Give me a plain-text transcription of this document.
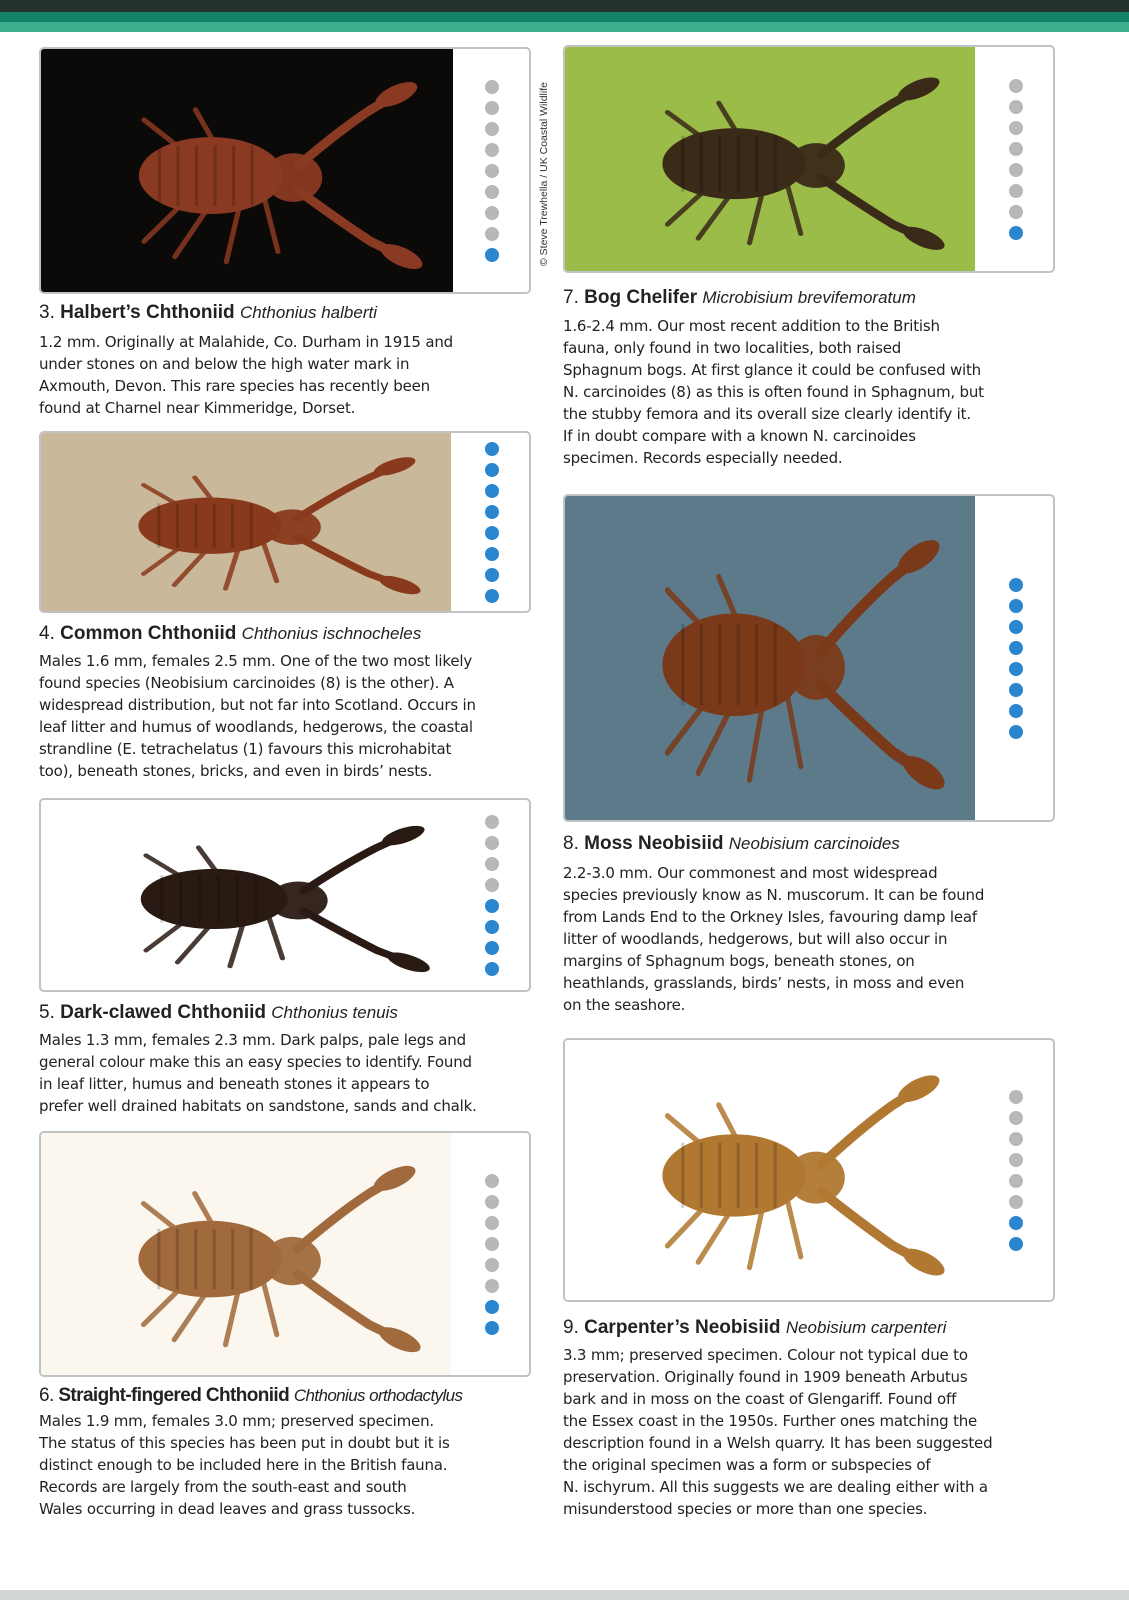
© Steve Trewhella / UK Coastal Wildlife
3. Halbert’s Chthoniid Chthonius halberti

1.2 mm. Originally at Malahide, Co. Durham in 1915 and

under stones on and below the high water mark in

Axmouth, Devon. This rare species has recently been

found at Charnel near Kimmeridge, Dorset.

4. Common Chthoniid Chthonius ischnocheles

Males 1.6 mm, females 2.5 mm. One of the two most likely

found species (Neobisium carcinoides (8) is the other). A

widespread distribution, but not far into Scotland. Occurs in

leaf litter and humus of woodlands, hedgerows, the coastal

strandline (E. tetrachelatus (1) favours this microhabitat

too), beneath stones, bricks, and even in birds’ nests.

5. Dark-clawed Chthoniid Chthonius tenuis

Males 1.3 mm, females 2.3 mm. Dark palps, pale legs and

general colour make this an easy species to identify. Found

in leaf litter, humus and beneath stones it appears to

prefer well drained habitats on sandstone, sands and chalk.

6. Straight-fingered Chthoniid Chthonius orthodactylus

Males 1.9 mm, females 3.0 mm; preserved specimen.

The status of this species has been put in doubt but it is

distinct enough to be included here in the British fauna.

Records are largely from the south-east and south

Wales occurring in dead leaves and grass tussocks.

7. Bog Chelifer Microbisium brevifemoratum

1.6-2.4 mm. Our most recent addition to the British

fauna, only found in two localities, both raised

Sphagnum bogs. At first glance it could be confused with

N. carcinoides (8) as this is often found in Sphagnum, but

the stubby femora and its overall size clearly identify it.

If in doubt compare with a known N. carcinoides

specimen. Records especially needed.

8. Moss Neobisiid Neobisium carcinoides

2.2-3.0 mm. Our commonest and most widespread

species previously know as N. muscorum. It can be found

from Lands End to the Orkney Isles, favouring damp leaf

litter of woodlands, hedgerows, but will also occur in

margins of Sphagnum bogs, beneath stones, on

heathlands, grasslands, birds’ nests, in moss and even

on the seashore.

9. Carpenter’s Neobisiid Neobisium carpenteri

3.3 mm; preserved specimen. Colour not typical due to

preservation. Originally found in 1909 beneath Arbutus

bark and in moss on the coast of Glengariff. Found off

the Essex coast in the 1950s. Further ones matching the

description found in a Welsh quarry. It has been suggested

the original specimen was a form or subspecies of

N. ischyrum. All this suggests we are dealing either with a

misunderstood species or more than one species.
